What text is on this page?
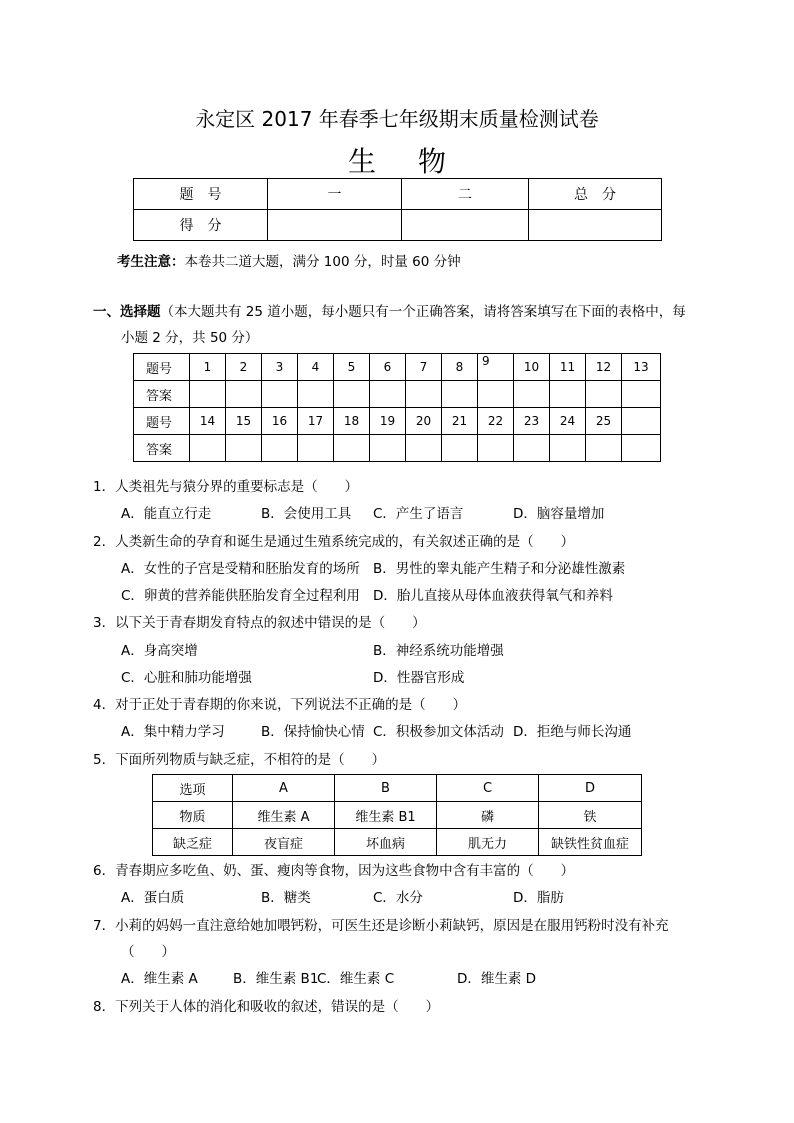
永定区 2017 年春季七年级期末质量检测试卷
生物
题　号	一	二	总　分
得　分			
考生注意：本卷共二道大题，满分 100 分，时量 60 分钟
一、选择题（本大题共有 25 道小题，每小题只有一个正确答案，请将答案填写在下面的表格中，每
小题 2 分，共 50 分）
题号	1	2	3	4	5	6	7	8	9	10	11	12	13
答案													
题号	14	15	16	17	18	19	20	21	22	23	24	25	
答案													
1．人类祖先与猿分界的重要标志是（　　）
A．能直立行走	B．会使用工具 C．产生了语言	D．脑容量增加
2．人类新生命的孕育和诞生是通过生殖系统完成的，有关叙述正确的是（　　）
A．女性的子宫是受精和胚胎发育的场所 B．男性的睾丸能产生精子和分泌雄性激素
C．卵黄的营养能供胚胎发育全过程利用 D．胎儿直接从母体血液获得氧气和养料
3．以下关于青春期发育特点的叙述中错误的是（　　）
A．身高突增	B．神经系统功能增强
C．心脏和肺功能增强	D．性器官形成
4．对于正处于青春期的你来说，下列说法不正确的是（　　）
A．集中精力学习	B．保持愉快心情 C．积极参加文体活动 D．拒绝与师长沟通
5．下面所列物质与缺乏症，不相符的是（　　）
选项	A	B	C	D
物质	维生素 A	维生素 B1	磷	铁
缺乏症	夜盲症	坏血病	肌无力	缺铁性贫血症
6．青春期应多吃鱼、奶、蛋、瘦肉等食物，因为这些食物中含有丰富的（　　）
A．蛋白质	B．糖类	C．水分	D．脂肪
7．小莉的妈妈一直注意给她加喂钙粉，可医生还是诊断小莉缺钙，原因是在服用钙粉时没有补充
（　　）
A．维生素 A	B．维生素 B1
C．维生素 C	D．维生素 D
8．下列关于人体的消化和吸收的叙述，错误的是（　　）
